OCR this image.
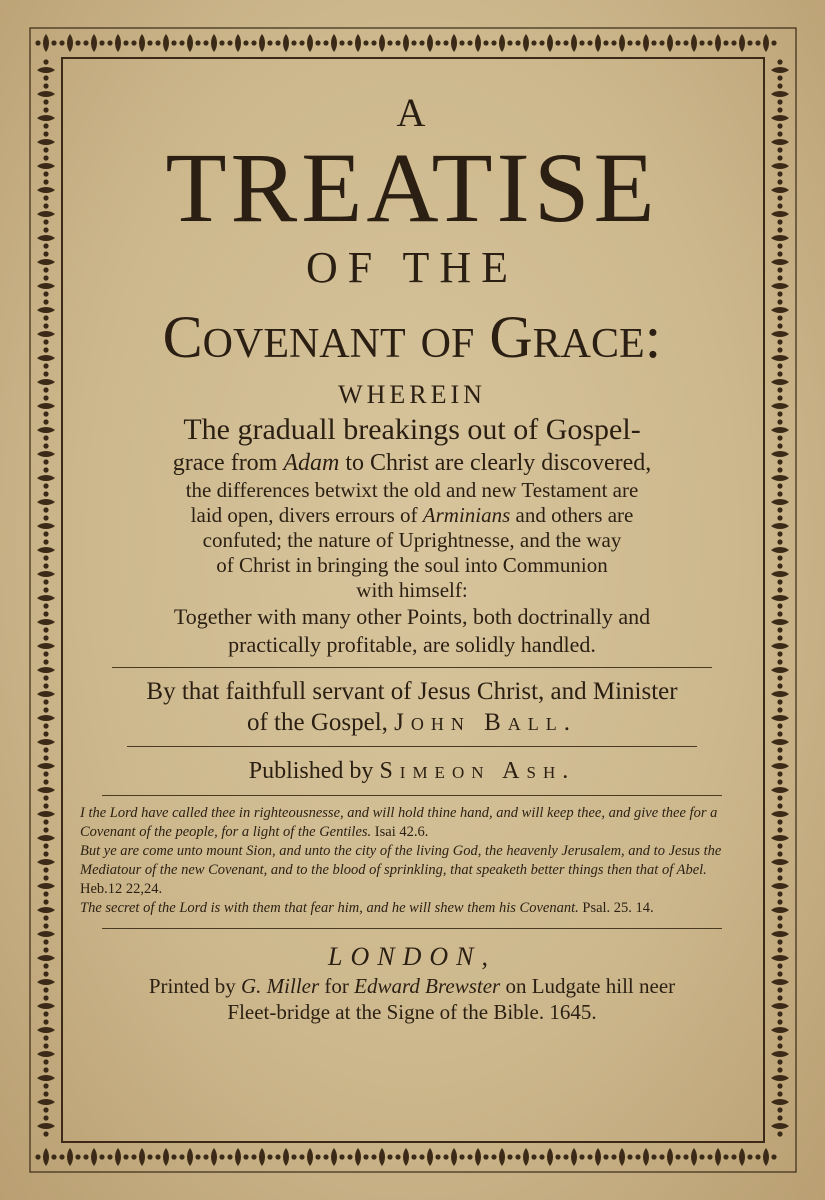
A

TREATISE

OF THE

Covenant of Grace:

WHEREIN

The graduall breakings out of Gospel-

grace from Adam to Christ are clearly discovered,

the differences betwixt the old and new Testament are

laid open, divers errours of Arminians and others are

confuted; the nature of Uprightnesse, and the way

of Christ in bringing the soul into Communion

with himself:

Together with many other Points, both doctrinally and

practically profitable, are solidly handled.

By that faithfull servant of Jesus Christ, and Minister

of the Gospel, John Ball.

Published by Simeon Ash.

I the Lord have called thee in righteousnesse, and will hold thine hand, and will keep thee, and give thee for a Covenant of the people, for a light of the Gentiles. Isai 42.6.

But ye are come unto mount Sion, and unto the city of the living God, the heavenly Jerusalem, and to Jesus the Mediatour of the new Covenant, and to the blood of sprinkling, that speaketh better things then that of Abel. Heb.12 22,24.

The secret of the Lord is with them that fear him, and he will shew them his Covenant. Psal. 25. 14.

LONDON,

Printed by G. Miller for Edward Brewster on Ludgate hill neer

Fleet-bridge at the Signe of the Bible. 1645.
